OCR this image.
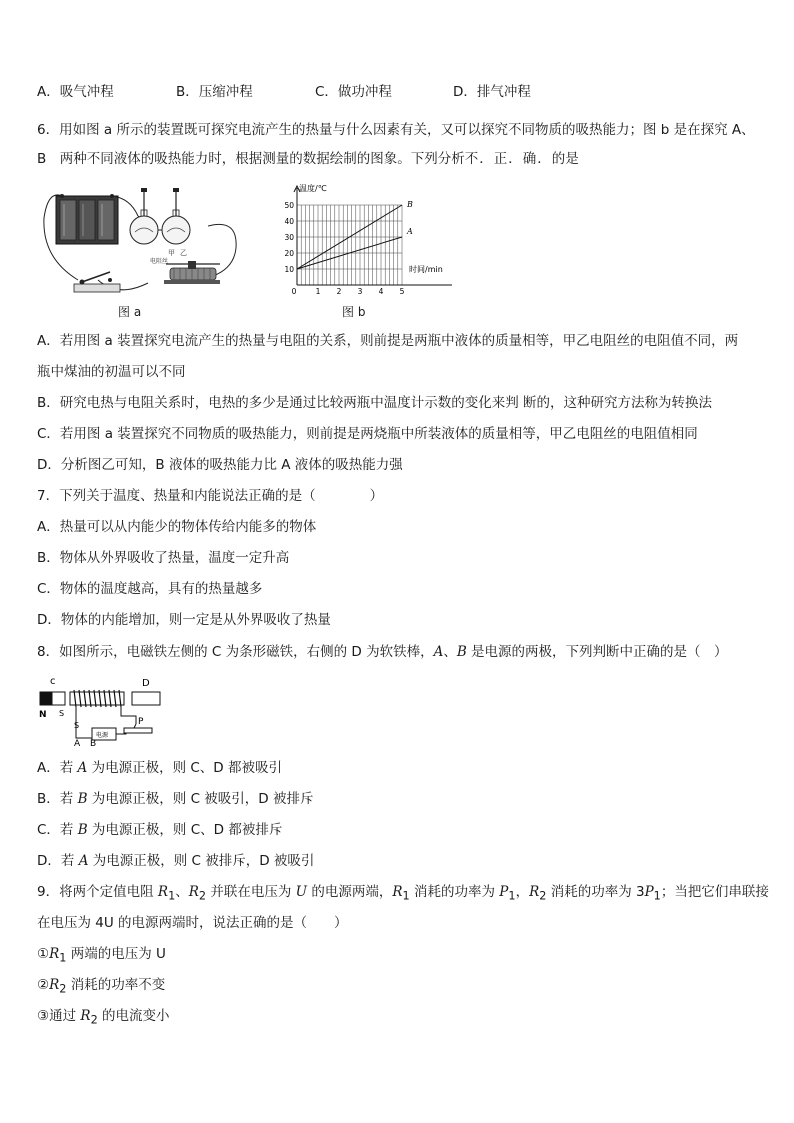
A．吸气冲程	B．压缩冲程	C．做功冲程	D．排气冲程
6．用如图 a 所示的装置既可探究电流产生的热量与什么因素有关，又可以探究不同物质的吸热能力；图 b 是在探究 A、
B　两种不同液体的吸热能力时，根据测量的数据绘制的图象。下列分析不．正．确．的是
甲 乙
电阻丝
图 a
B
A
10
20
30
40
50
0	1 2 3 4 5
温度/℃
时间/min
图 b
A．若用图 a 装置探究电流产生的热量与电阻的关系，则前提是两瓶中液体的质量相等，甲乙电阻丝的电阻值不同，两
瓶中煤油的初温可以不同
B．研究电热与电阻关系时，电热的多少是通过比较两瓶中温度计示数的变化来判 断的，这种研究方法称为转换法
C．若用图 a 装置探究不同物质的吸热能力，则前提是两烧瓶中所装液体的质量相等，甲乙电阻丝的电阻值相同
D．分析图乙可知，B 液体的吸热能力比 A 液体的吸热能力强
7．下列关于温度、热量和内能说法正确的是（　　　　）
A．热量可以从内能少的物体传给内能多的物体
B．物体从外界吸收了热量，温度一定升高
C．物体的温度越高，具有的热量越多
D．物体的内能增加，则一定是从外界吸收了热量
8．如图所示，电磁铁左侧的 C 为条形磁铁，右侧的 D 为软铁棒，A、B 是电源的两极，下列判断中正确的是（　）
c	D
N S
S	P
电源
A B
A．若 A 为电源正极，则 C、D 都被吸引
B．若 B 为电源正极，则 C 被吸引，D 被排斥
C．若 B 为电源正极，则 C、D 都被排斥
D．若 A 为电源正极，则 C 被排斥，D 被吸引
9．将两个定值电阻 $R_1$、$R_2$ 并联在电压为 U 的电源两端，$R_1$ 消耗的功率为 $P_1$，$R_2$ 消耗的功率为 $3P_1$；当把它们串联接
在电压为 4U 的电源两端时，说法正确的是（　　）
$①R_1$ 两端的电压为 U
$②R_2$ 消耗的功率不变
③通过 $R_2$ 的电流变小
